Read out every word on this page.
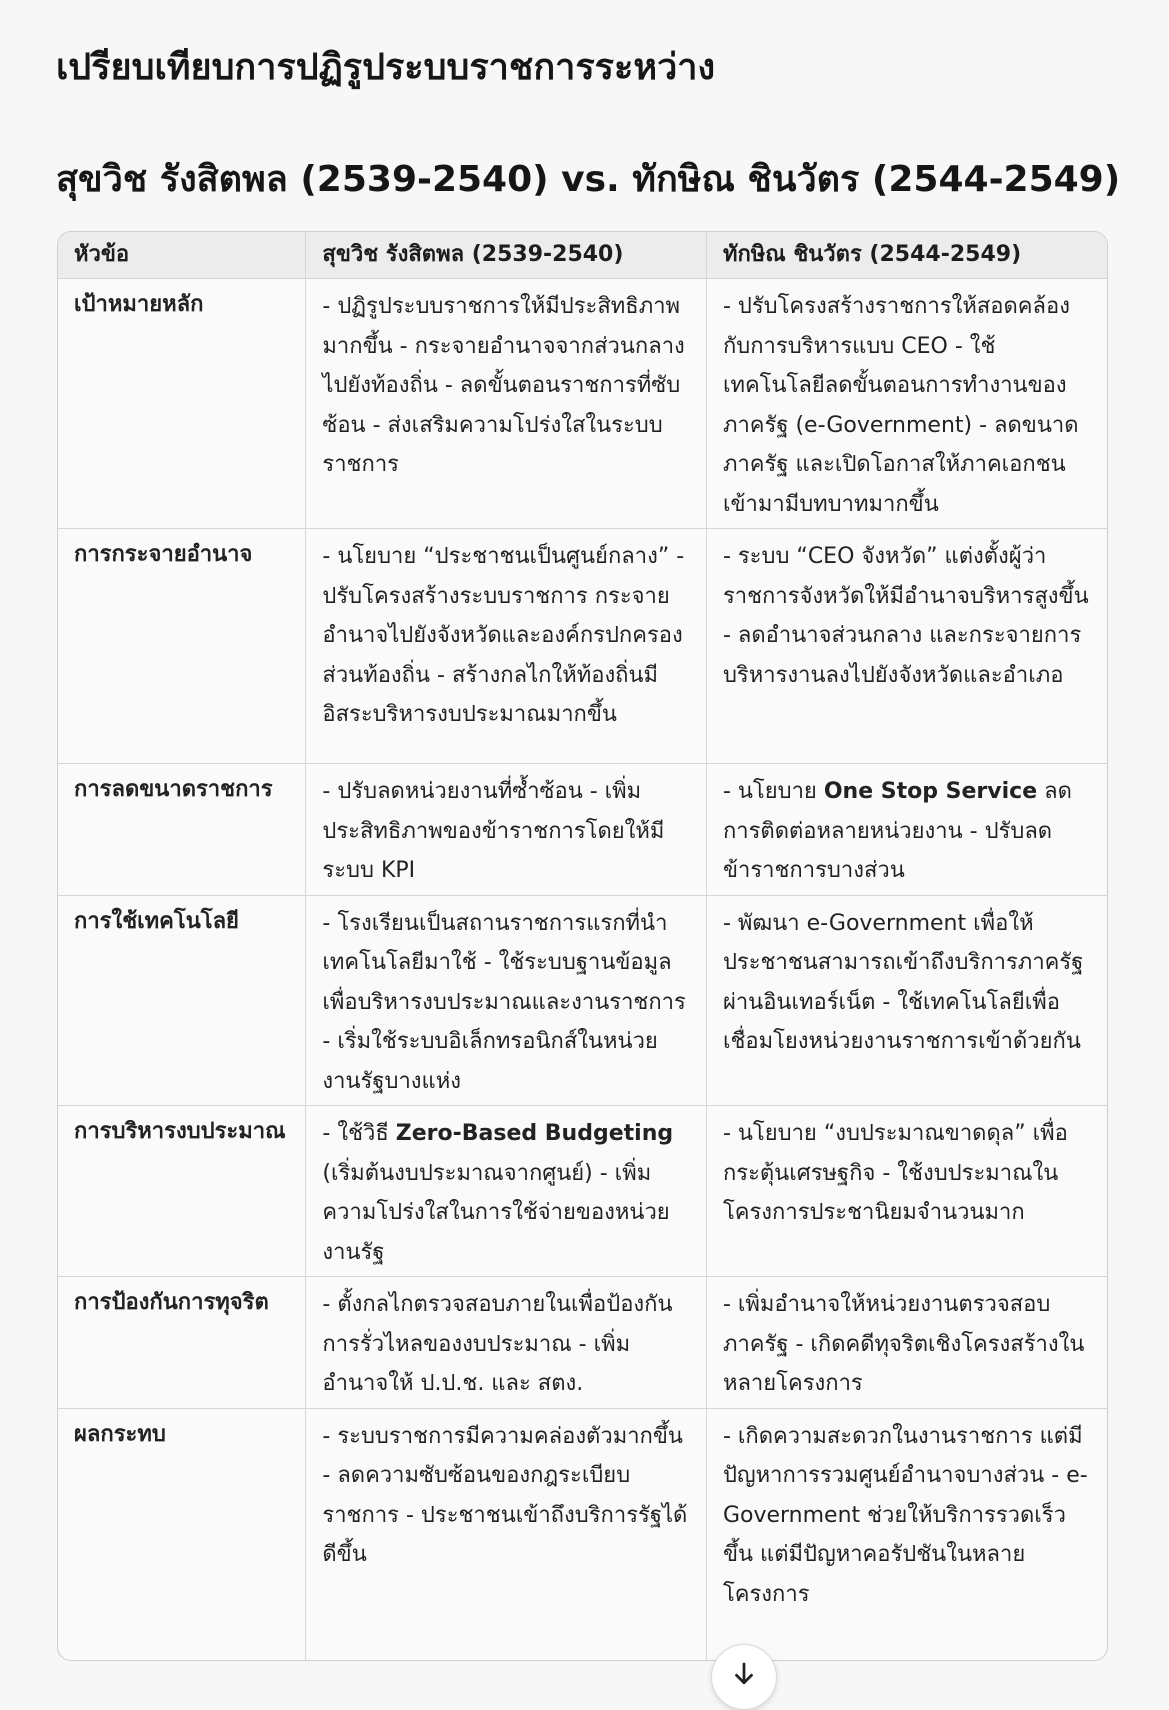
เปรียบเทียบการปฏิรูประบบราชการระหว่าง
สุขวิช รังสิตพล (2539-2540) vs. ทักษิณ ชินวัตร (2544-2549)
หัวข้อ	สุขวิช รังสิตพล (2539-2540)	ทักษิณ ชินวัตร (2544-2549)
เป้าหมายหลัก	- ปฏิรูประบบราชการให้มีประสิทธิภาพมากขึ้น - กระจายอำนาจจากส่วนกลางไปยังท้องถิ่น - ลดขั้นตอนราชการที่ซับซ้อน - ส่งเสริมความโปร่งใสในระบบราชการ	- ปรับโครงสร้างราชการให้สอดคล้องกับการบริหารแบบ CEO - ใช้เทคโนโลยีลดขั้นตอนการทำงานของภาครัฐ (e-Government) - ลดขนาดภาครัฐ และเปิดโอกาสให้ภาคเอกชนเข้ามามีบทบาทมากขึ้น
การกระจายอำนาจ	- นโยบาย “ประชาชนเป็นศูนย์กลาง” - ปรับโครงสร้างระบบราชการ กระจายอำนาจไปยังจังหวัดและองค์กรปกครองส่วนท้องถิ่น - สร้างกลไกให้ท้องถิ่นมีอิสระบริหารงบประมาณมากขึ้น	- ระบบ “CEO จังหวัด” แต่งตั้งผู้ว่าราชการจังหวัดให้มีอำนาจบริหารสูงขึ้น - ลดอำนาจส่วนกลาง และกระจายการบริหารงานลงไปยังจังหวัดและอำเภอ
การลดขนาดราชการ	- ปรับลดหน่วยงานที่ซ้ำซ้อน - เพิ่มประสิทธิภาพของข้าราชการโดยให้มีระบบ KPI	- นโยบาย One Stop Service ลดการติดต่อหลายหน่วยงาน - ปรับลดข้าราชการบางส่วน
การใช้เทคโนโลยี	- โรงเรียนเป็นสถานราชการแรกที่นำเทคโนโลยีมาใช้ - ใช้ระบบฐานข้อมูลเพื่อบริหารงบประมาณและงานราชการ - เริ่มใช้ระบบอิเล็กทรอนิกส์ในหน่วยงานรัฐบางแห่ง	- พัฒนา e-Government เพื่อให้ประชาชนสามารถเข้าถึงบริการภาครัฐผ่านอินเทอร์เน็ต - ใช้เทคโนโลยีเพื่อเชื่อมโยงหน่วยงานราชการเข้าด้วยกัน
การบริหารงบประมาณ	- ใช้วิธี Zero-Based Budgeting (เริ่มต้นงบประมาณจากศูนย์) - เพิ่มความโปร่งใสในการใช้จ่ายของหน่วยงานรัฐ	- นโยบาย “งบประมาณขาดดุล” เพื่อกระตุ้นเศรษฐกิจ - ใช้งบประมาณในโครงการประชานิยมจำนวนมาก
การป้องกันการทุจริต	- ตั้งกลไกตรวจสอบภายในเพื่อป้องกันการรั่วไหลของงบประมาณ - เพิ่มอำนาจให้ ป.ป.ช. และ สตง.	- เพิ่มอำนาจให้หน่วยงานตรวจสอบภาครัฐ - เกิดคดีทุจริตเชิงโครงสร้างในหลายโครงการ
ผลกระทบ	- ระบบราชการมีความคล่องตัวมากขึ้น - ลดความซับซ้อนของกฎระเบียบราชการ - ประชาชนเข้าถึงบริการรัฐได้ดีขึ้น	- เกิดความสะดวกในงานราชการ แต่มีปัญหาการรวมศูนย์อำนาจบางส่วน - e-Government ช่วยให้บริการรวดเร็วขึ้น แต่มีปัญหาคอรัปชันในหลายโครงการ
